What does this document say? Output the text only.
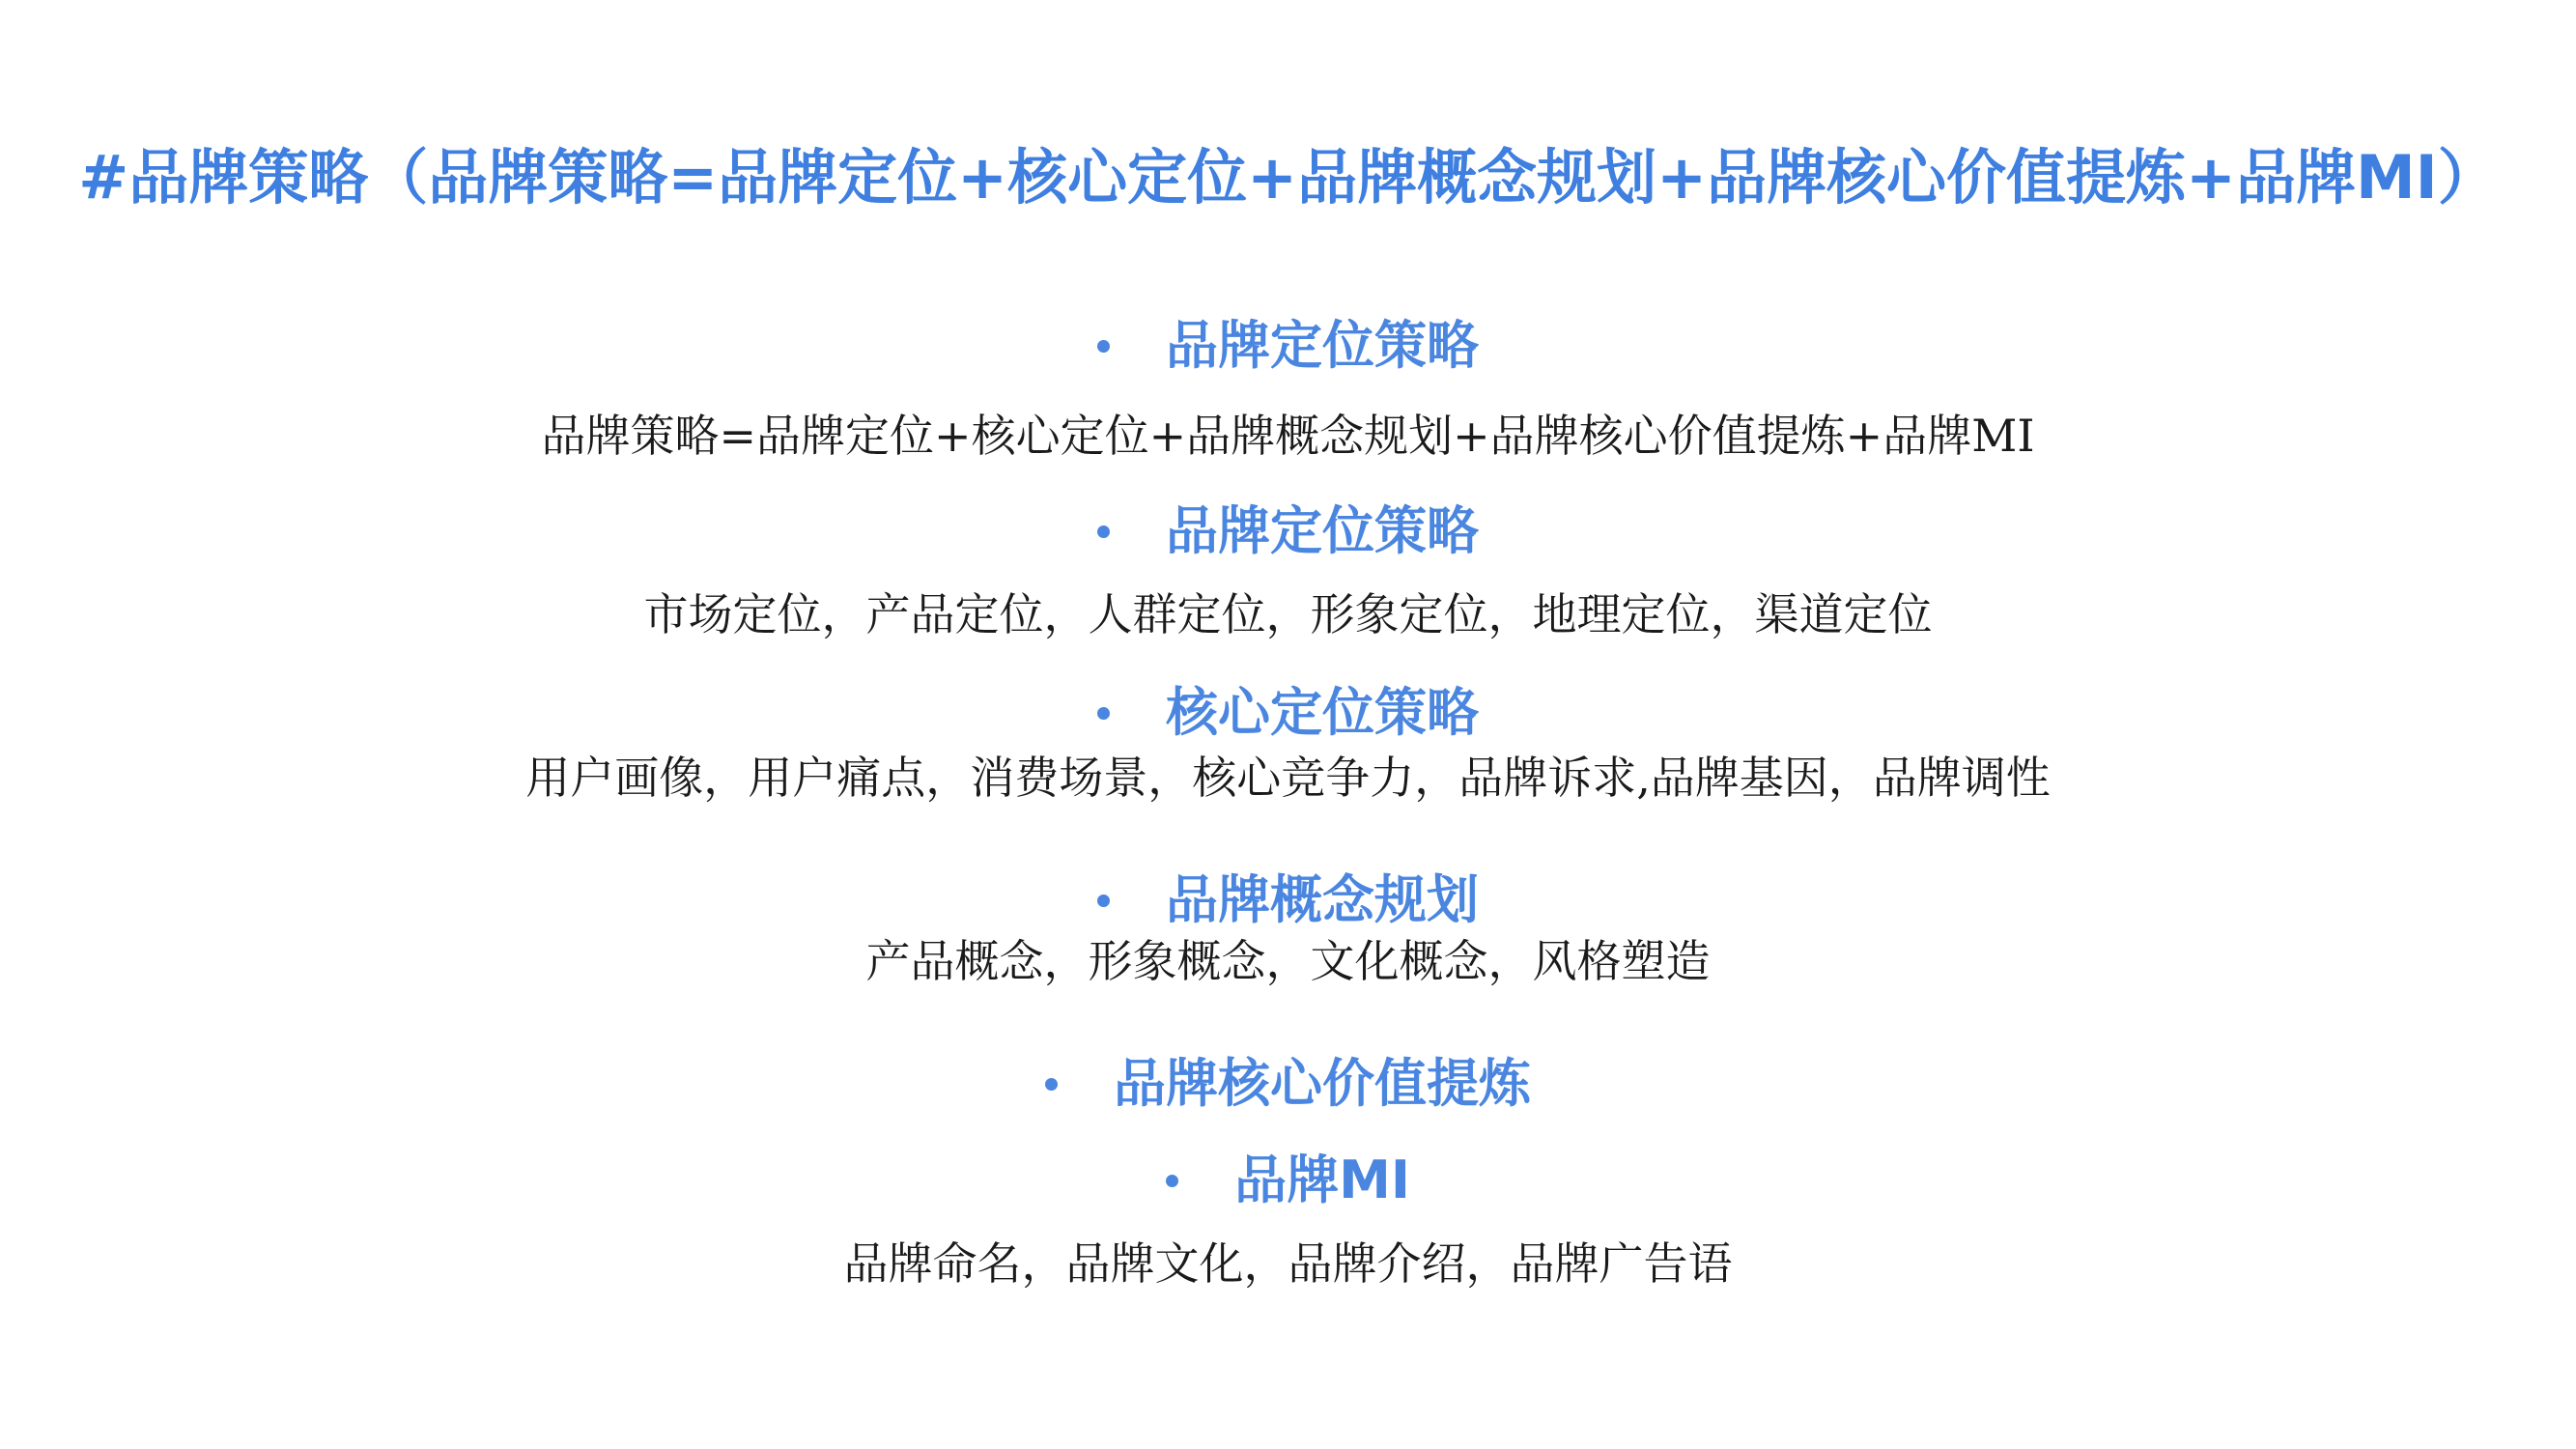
#品牌策略（品牌策略=品牌定位+核心定位+品牌概念规划+品牌核心价值提炼+品牌MI）
品牌定位策略
品牌策略=品牌定位+核心定位+品牌概念规划+品牌核心价值提炼+品牌MI
品牌定位策略
市场定位，产品定位，人群定位，形象定位，地理定位，渠道定位
核心定位策略
用户画像，用户痛点，消费场景，核心竞争力，品牌诉求,品牌基因，品牌调性
品牌概念规划
产品概念，形象概念，文化概念，风格塑造
品牌核心价值提炼
品牌MI
品牌命名，品牌文化，品牌介绍，品牌广告语
